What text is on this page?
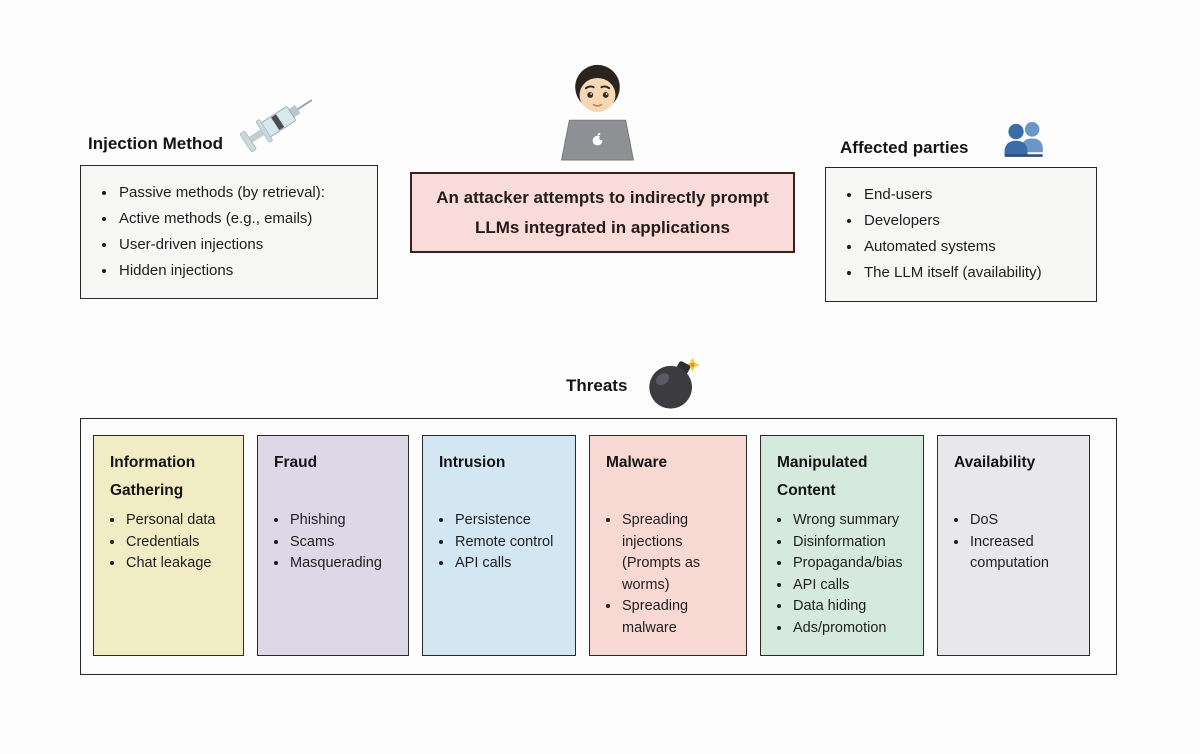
Injection Method
• Passive methods (by retrieval):
• Active methods (e.g., emails)
• User-driven injections
• Hidden injections
An attacker attempts to indirectly prompt LLMs integrated in applications
Affected parties
• End-users
• Developers
• Automated systems
• The LLM itself (availability)
Threats
Information Gathering
• Personal data
• Credentials
• Chat leakage
Fraud
• Phishing
• Scams
• Masquerading
Intrusion
• Persistence
• Remote control
• API calls
Malware
• Spreading injections (Prompts as worms)
• Spreading malware
Manipulated Content
• Wrong summary
• Disinformation
• Propaganda/bias
• API calls
• Data hiding
• Ads/promotion
Availability
• DoS
• Increased computation
